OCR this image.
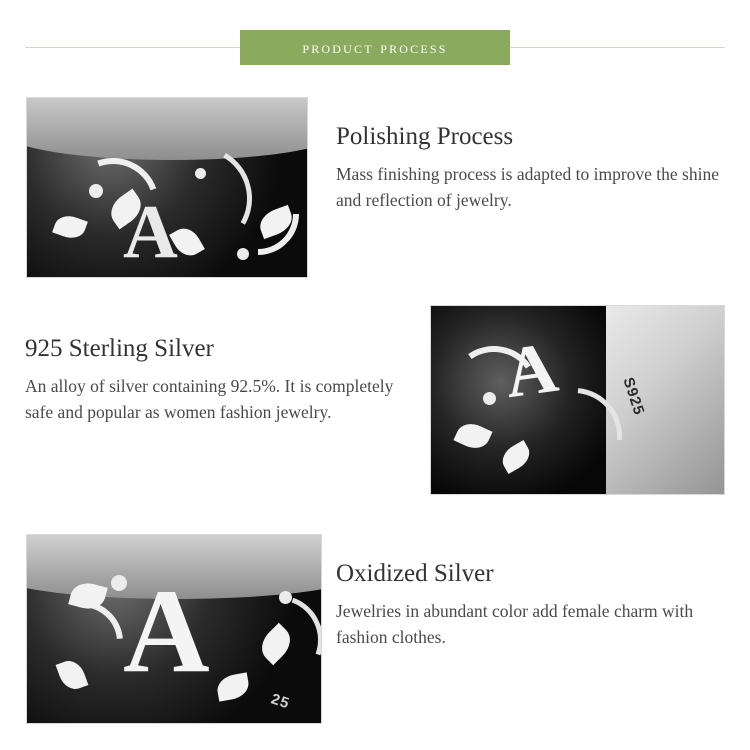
product process
A
Polishing Process

Mass finishing process is adapted to improve the shine and reflection of jewelry.

A	S925
925 Sterling Silver

An alloy of silver containing 92.5%. It is completely safe and popular as women fashion jewelry.

A
25
Oxidized Silver

Jewelries in abundant color add female charm with fashion clothes.
